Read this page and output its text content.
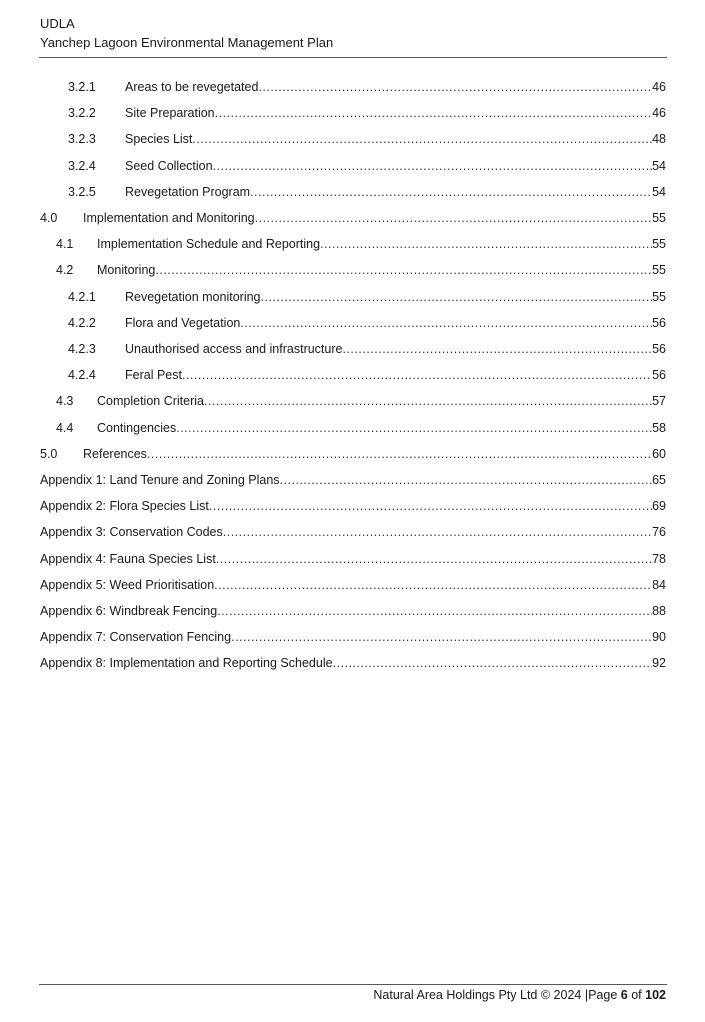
UDLA
Yanchep Lagoon Environmental Management Plan
3.2.1 Areas to be revegetated .....	46
3.2.2 Site Preparation .....	46
3.2.3 Species List .....	48
3.2.4 Seed Collection .....	54
3.2.5 Revegetation Program .....	54
4.0 Implementation and Monitoring .....	55
4.1 Implementation Schedule and Reporting .....	55
4.2 Monitoring .....	55
4.2.1 Revegetation monitoring .....	55
4.2.2 Flora and Vegetation .....	56
4.2.3 Unauthorised access and infrastructure .....	56
4.2.4 Feral Pest .....	56
4.3 Completion Criteria .....	57
4.4 Contingencies .....	58
5.0 References .....	60
Appendix 1: Land Tenure and Zoning Plans .....	65
Appendix 2: Flora Species List .....	69
Appendix 3: Conservation Codes .....	76
Appendix 4: Fauna Species List .....	78
Appendix 5: Weed Prioritisation .....	84
Appendix 6: Windbreak Fencing .....	88
Appendix 7: Conservation Fencing .....	90
Appendix 8: Implementation and Reporting Schedule .....	92
Natural Area Holdings Pty Ltd © 2024 |Page 6 of 102
